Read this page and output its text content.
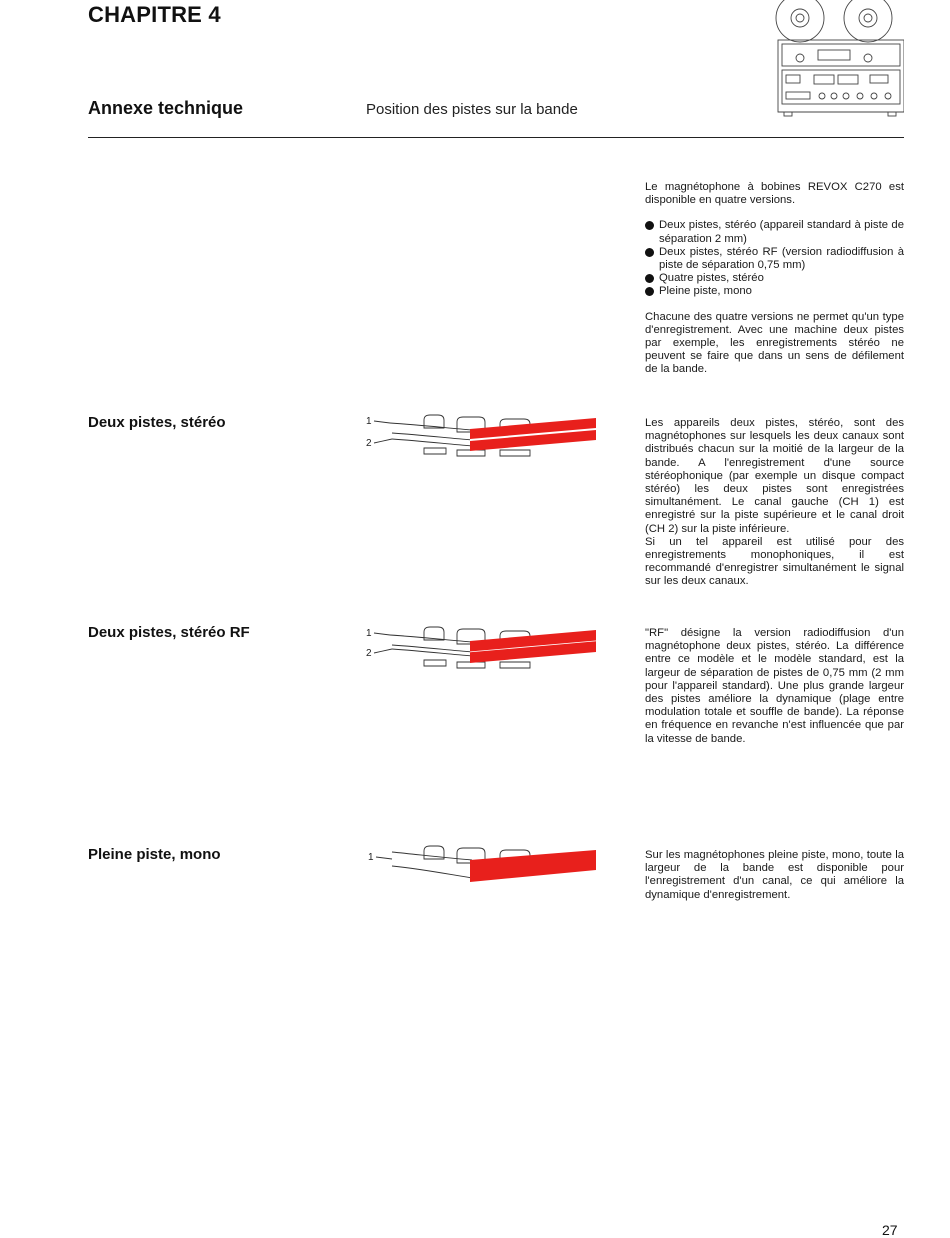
CHAPITRE 4
Annexe technique	Position des pistes sur la bande

Le magnétophone à bobines REVOX C270 est disponible en quatre versions.

Deux pistes, stéréo (appareil standard à piste de séparation 2 mm)
Deux pistes, stéréo RF (version radiodiffusion à piste de séparation 0,75 mm)
Quatre pistes, stéréo
Pleine piste, mono

Chacune des quatre versions ne permet qu'un type d'enregistrement. Avec une machine deux pistes par exemple, les enregistrements stéréo ne peuvent se faire que dans un sens de défilement de la bande.

Deux pistes, stéréo	1
2

Les appareils deux pistes, stéréo, sont des magnétophones sur lesquels les deux canaux sont distribués chacun sur la moitié de la largeur de la bande. A l'enregistrement d'une source stéréophonique (par exemple un disque compact stéréo) les deux pistes sont enregistrées simultanément. Le canal gauche (CH 1) est enregistré sur la piste supérieure et le canal droit (CH 2) sur la piste inférieure.

Si un tel appareil est utilisé pour des enregistrements monophoniques, il est recommandé d'enregistrer simultanément le signal sur les deux canaux.

Deux pistes, stéréo RF	1
2

"RF" désigne la version radiodiffusion d'un magnétophone deux pistes, stéréo. La différence entre ce modèle et le modèle standard, est la largeur de séparation de pistes de 0,75 mm (2 mm pour l'appareil standard). Une plus grande largeur des pistes améliore la dynamique (plage entre modulation totale et souffle de bande). La réponse en fréquence en revanche n'est influencée que par la vitesse de bande.

Pleine piste, mono	1	Sur les magnétophones pleine piste, mono, toute la largeur de la bande est disponible pour l'enregistrement d'un canal, ce qui améliore la dynamique d'enregistrement.

27
